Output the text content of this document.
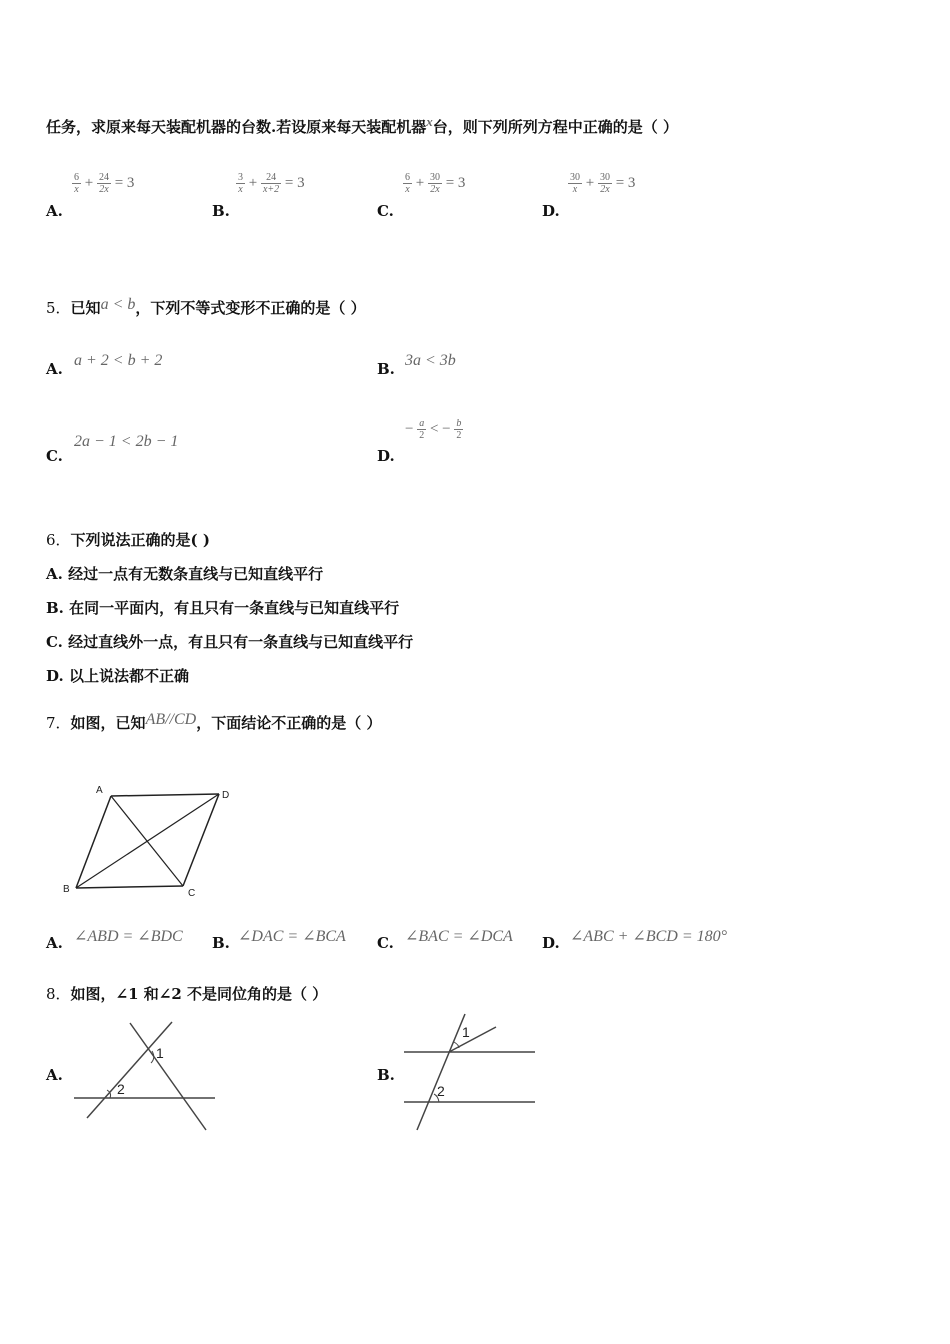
任务，求原来每天装配机器的台数.若设原来每天装配机器x台，则下列所列方程中正确的是（ ）
A.
$\frac{6}{x} + \frac{24}{2x} = 3$
B.
$\frac{3}{x} + \frac{24}{x+2} = 3$
C.
$\frac{6}{x} + \frac{30}{2x} = 3$
D.
$\frac{30}{x} + \frac{30}{2x} = 3$
5．已知a < b，下列不等式变形不正确的是（ ）
A. a + 2 < b + 2	B. 3a < 3b
C.
2a − 1 < 2b − 1
D.
− $\frac{a}{2}$ < − $\frac{b}{2}$
6．下列说法正确的是( )
A. 经过一点有无数条直线与已知直线平行
B. 在同一平面内，有且只有一条直线与已知直线平行
C. 经过直线外一点，有且只有一条直线与已知直线平行
D. 以上说法都不正确
7．如图，已知AB//CD，下面结论不正确的是（ ）
A
B	C
D
A. ∠ABD = ∠BDC B. ∠DAC = ∠BCA C. ∠BAC = ∠DCA D. ∠ABC + ∠BCD = 180°
8．如图，∠1 和∠2 不是同位角的是（ ）
A.
1
2
B.
1
2
